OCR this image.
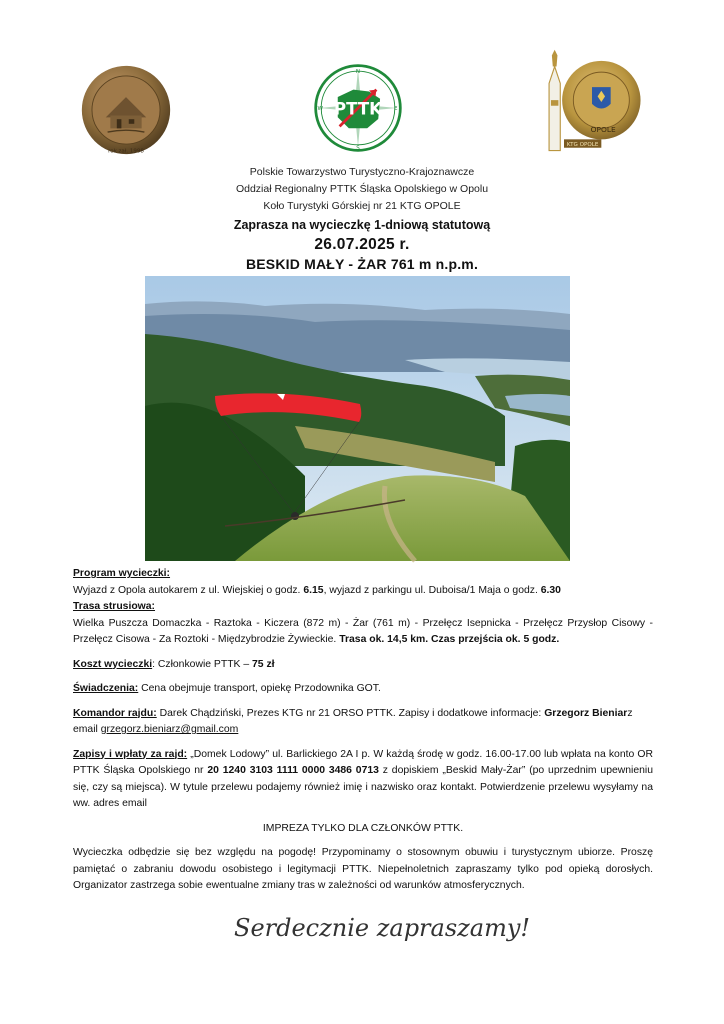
rok zał. 1998
PTTK
N
E
S
W
KTG OPOLE
OPOLE
Polskie Towarzystwo Turystyczno-Krajoznawcze
Oddział Regionalny PTTK Śląska Opolskiego w Opolu
Koło Turystyki Górskiej nr 21 KTG OPOLE
Zaprasza na wycieczkę 1-dniową statutową
26.07.2025 r.
BESKID MAŁY - ŻAR 761 m n.p.m.

Program wycieczki:

Wyjazd z Opola autokarem z ul. Wiejskiej o godz. 6.15, wyjazd z parkingu ul. Duboisa/1 Maja o godz. 6.30

Trasa strusiowa:

Wielka Puszcza Domaczka - Raztoka - Kiczera (872 m) - Żar (761 m) - Przełęcz Isepnicka - Przełęcz Przysłop Cisowy - Przełęcz Cisowa - Za Roztoki - Międzybrodzie Żywieckie. Trasa ok. 14,5 km. Czas przejścia ok. 5 godz.

Koszt wycieczki: Członkowie PTTK – 75 zł

Świadczenia: Cena obejmuje transport, opiekę Przodownika GOT.

Komandor rajdu: Darek Chądziński, Prezes KTG nr 21 ORSO PTTK. Zapisy i dodatkowe informacje: Grzegorz Bieniarz

email grzegorz.bieniarz@gmail.com

Zapisy i wpłaty za rajd: „Domek Lodowy” ul. Barlickiego 2A I p. W każdą środę w godz. 16.00-17.00 lub wpłata na konto OR PTTK Śląska Opolskiego nr 20 1240 3103 1111 0000 3486 0713 z dopiskiem „Beskid Mały-Żar” (po uprzednim upewnieniu się, czy są miejsca). W tytule przelewu podajemy również imię i nazwisko oraz kontakt. Potwierdzenie przelewu wysyłamy na ww. adres email

IMPREZA TYLKO DLA CZŁONKÓW PTTK.

Wycieczka odbędzie się bez względu na pogodę! Przypominamy o stosownym obuwiu i turystycznym ubiorze. Proszę pamiętać o zabraniu dowodu osobistego i legitymacji PTTK. Niepełnoletnich zapraszamy tylko pod opieką dorosłych. Organizator zastrzega sobie ewentualne zmiany tras w zależności od warunków atmosferycznych.

Serdecznie zapraszamy!
